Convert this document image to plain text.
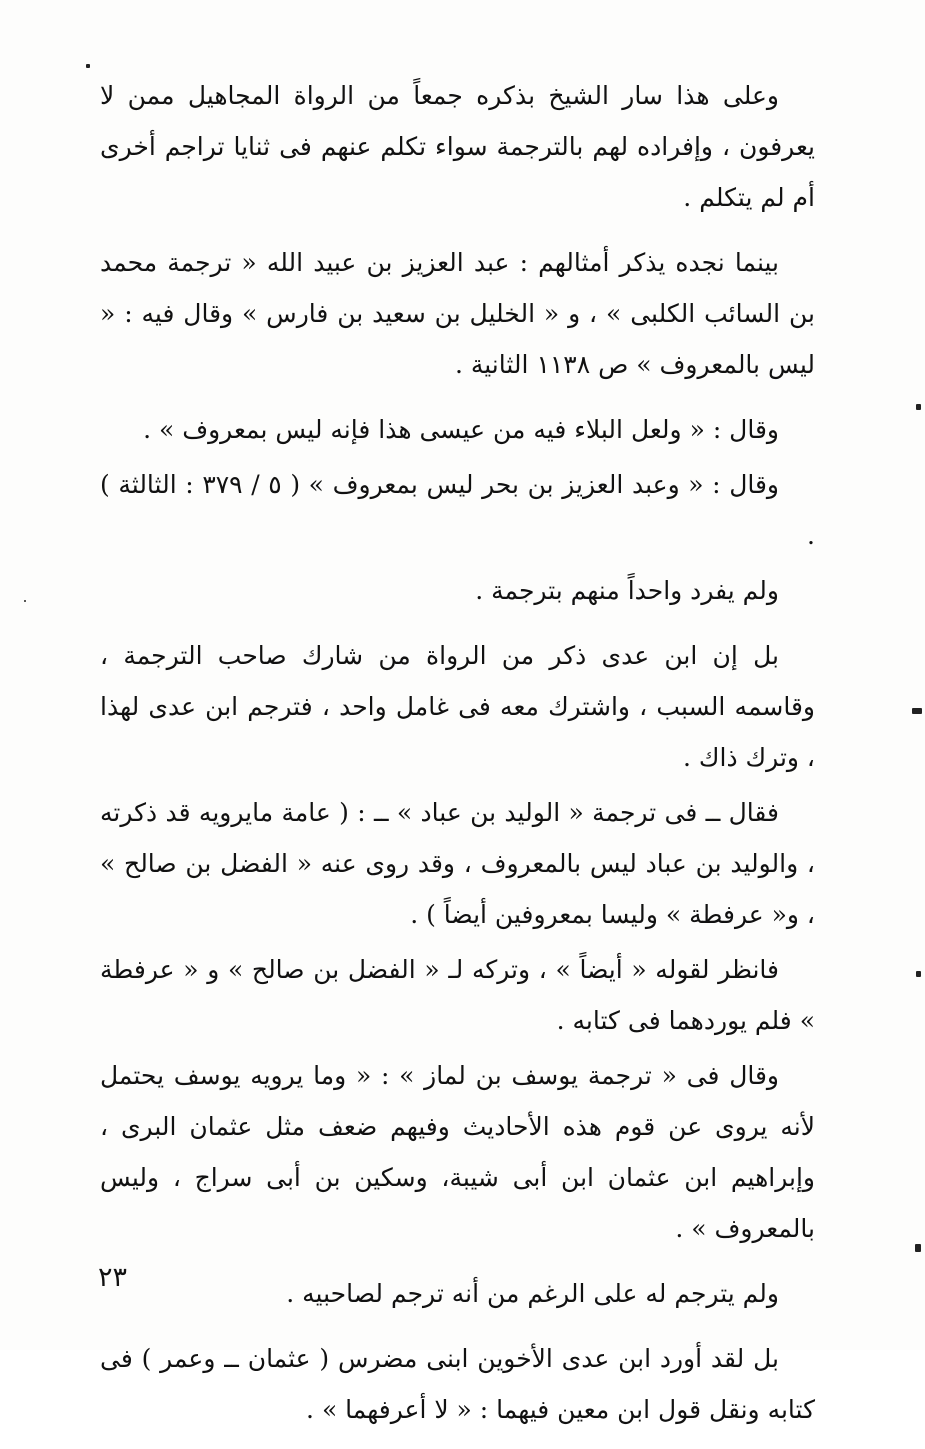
وعلى هذا سار الشيخ بذكره جمعاً من الرواة المجاهيل ممن لا يعرفون ، وإفراده لهم بالترجمة سواء تكلم عنهم فى ثنايا تراجم أخرى أم لم يتكلم .

بينما نجده يذكر أمثالهم : عبد العزيز بن عبيد الله « ترجمة محمد بن السائب الكلبى » ، و « الخليل بن سعيد بن فارس » وقال فيه : « ليس بالمعروف » ص ١١٣٨ الثانية .

وقال : « ولعل البلاء فيه من عيسى هذا فإنه ليس بمعروف » .

وقال : « وعبد العزيز بن بحر ليس بمعروف » ( ٥ / ٣٧٩ : الثالثة ) .

ولم يفرد واحداً منهم بترجمة .

بل إن ابن عدى ذكر من الرواة من شارك صاحب الترجمة ، وقاسمه السبب ، واشترك معه فى غامل واحد ، فترجم ابن عدى لهذا ، وترك ذاك .

فقال ــ فى ترجمة « الوليد بن عباد » ــ : ( عامة مايرويه قد ذكرته ، والوليد بن عباد ليس بالمعروف ، وقد روى عنه « الفضل بن صالح » ، و« عرفطة » وليسا بمعروفين أيضاً ) .

فانظر لقوله « أيضاً » ، وتركه لـ « الفضل بن صالح » و « عرفطة » فلم يوردهما فى كتابه .

وقال فى « ترجمة يوسف بن لماز » : « وما يرويه يوسف يحتمل لأنه يروى عن قوم هذه الأحاديث وفيهم ضعف مثل عثمان البرى ، وإبراهيم ابن عثمان ابن أبى شيبة، وسكين بن أبى سراج ، وليس بالمعروف » .

ولم يترجم له على الرغم من أنه ترجم لصاحبيه .

بل لقد أورد ابن عدى الأخوين ابنى مضرس ( عثمان ــ وعمر ) فى كتابه ونقل قول ابن معين فيهما : « لا أعرفهما » .

٢٣
